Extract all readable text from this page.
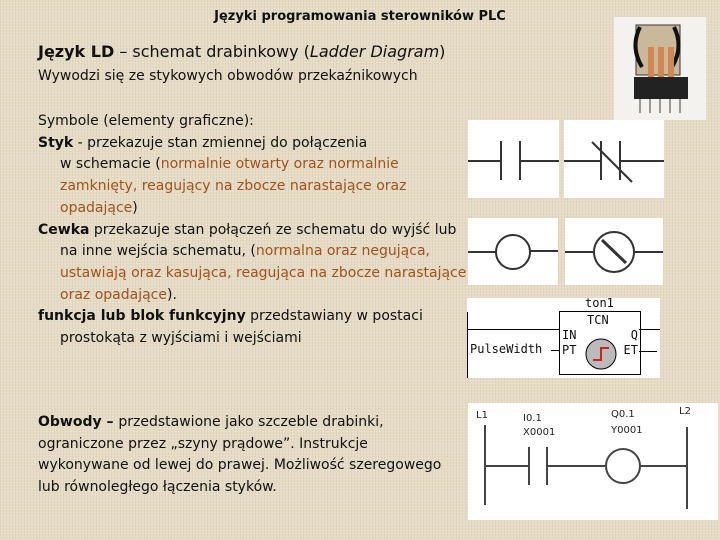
Języki programowania sterowników PLC
Język LD – schemat drabinkowy (Ladder Diagram)
Wywodzi się ze stykowych obwodów przekaźnikowych

Symbole (elementy graficzne):

Styk - przekazuje stan zmiennej do połączenia

w schemacie (normalnie otwarty oraz normalnie zamknięty, reagujący na zbocze narastające oraz opadające)

Cewka przekazuje stan połączeń ze schematu do wyjść lub na inne wejścia schematu, (normalna oraz negująca, ustawiają oraz kasująca, reagująca na zbocze narastające oraz opadające).

funkcja lub blok funkcyjny przedstawiany w postaci prostokąta z wyjściami i wejściami

Obwody – przedstawione jako szczeble drabinki, ograniczone przez „szyny prądowe”. Instrukcje wykonywane od lewej do prawej. Możliwość szeregowego lub równoległego łączenia styków.
ton1
TCN
IN
PT
Q
ET
PulseWidth
L1	L2
I0.1
X0001
Q0.1
Y0001
